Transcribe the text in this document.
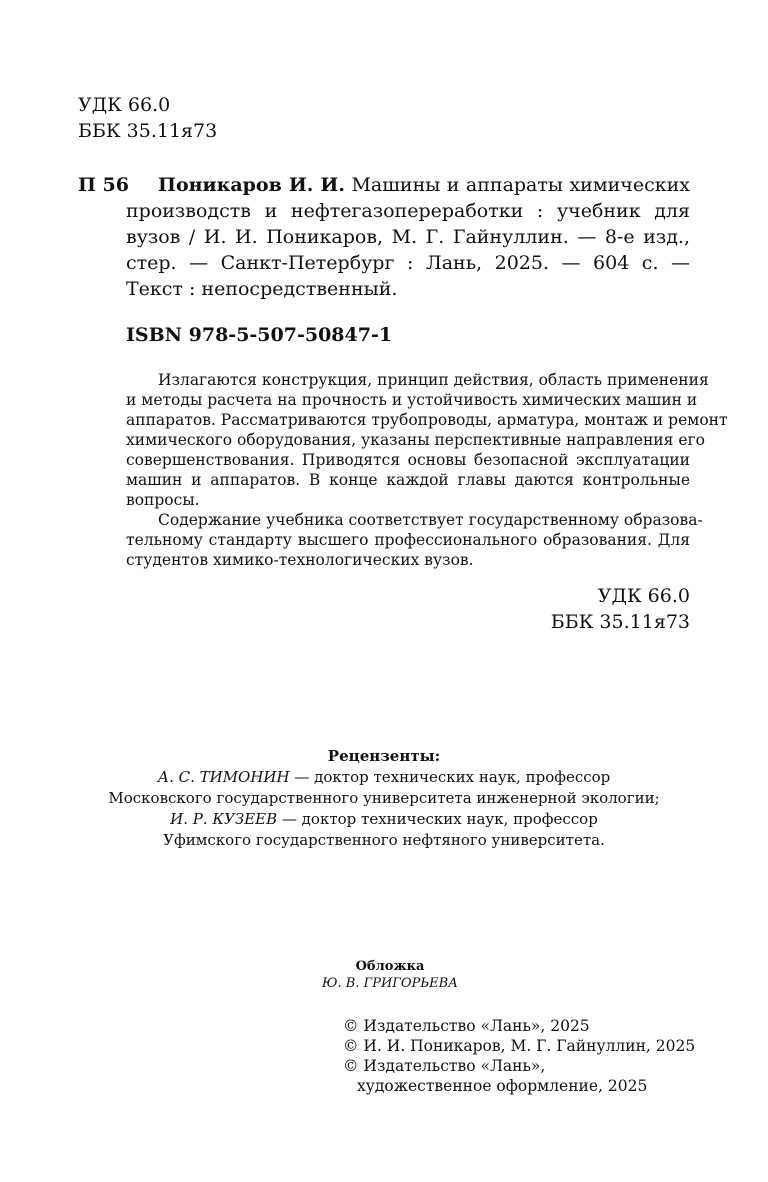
УДК 66.0
ББК 35.11я73
П 56	Поникаров И. И. Машины и аппараты химических
производств и нефтегазопереработки : учебник для
вузов / И. И. Поникаров, М. Г. Гайнуллин. — 8-е изд.,
стер. — Санкт-Петербург : Лань, 2025. — 604 с. —
Текст : непосредственный.
ISBN 978-5-507-50847-1
Излагаются конструкция, принцип действия, область применения
и методы расчета на прочность и устойчивость химических машин и
аппаратов. Рассматриваются трубопроводы, арматура, монтаж и ремонт
химического оборудования, указаны перспективные направления его
совершенствования. Приводятся основы безопасной эксплуатации
машин и аппаратов. В конце каждой главы даются контрольные
вопросы.
Содержание учебника соответствует государственному образова-
тельному стандарту высшего профессионального образования. Для
студентов химико-технологических вузов.
УДК 66.0
ББК 35.11я73
Рецензенты:
А. С. ТИМОНИН — доктор технических наук, профессор
Московского государственного университета инженерной экологии;
И. Р. КУЗЕЕВ — доктор технических наук, профессор
Уфимского государственного нефтяного университета.
Обложка
Ю. В. ГРИГОРЬЕВА
© Издательство «Лань», 2025
© И. И. Поникаров, М. Г. Гайнуллин, 2025
© Издательство «Лань»,
художественное оформление, 2025
